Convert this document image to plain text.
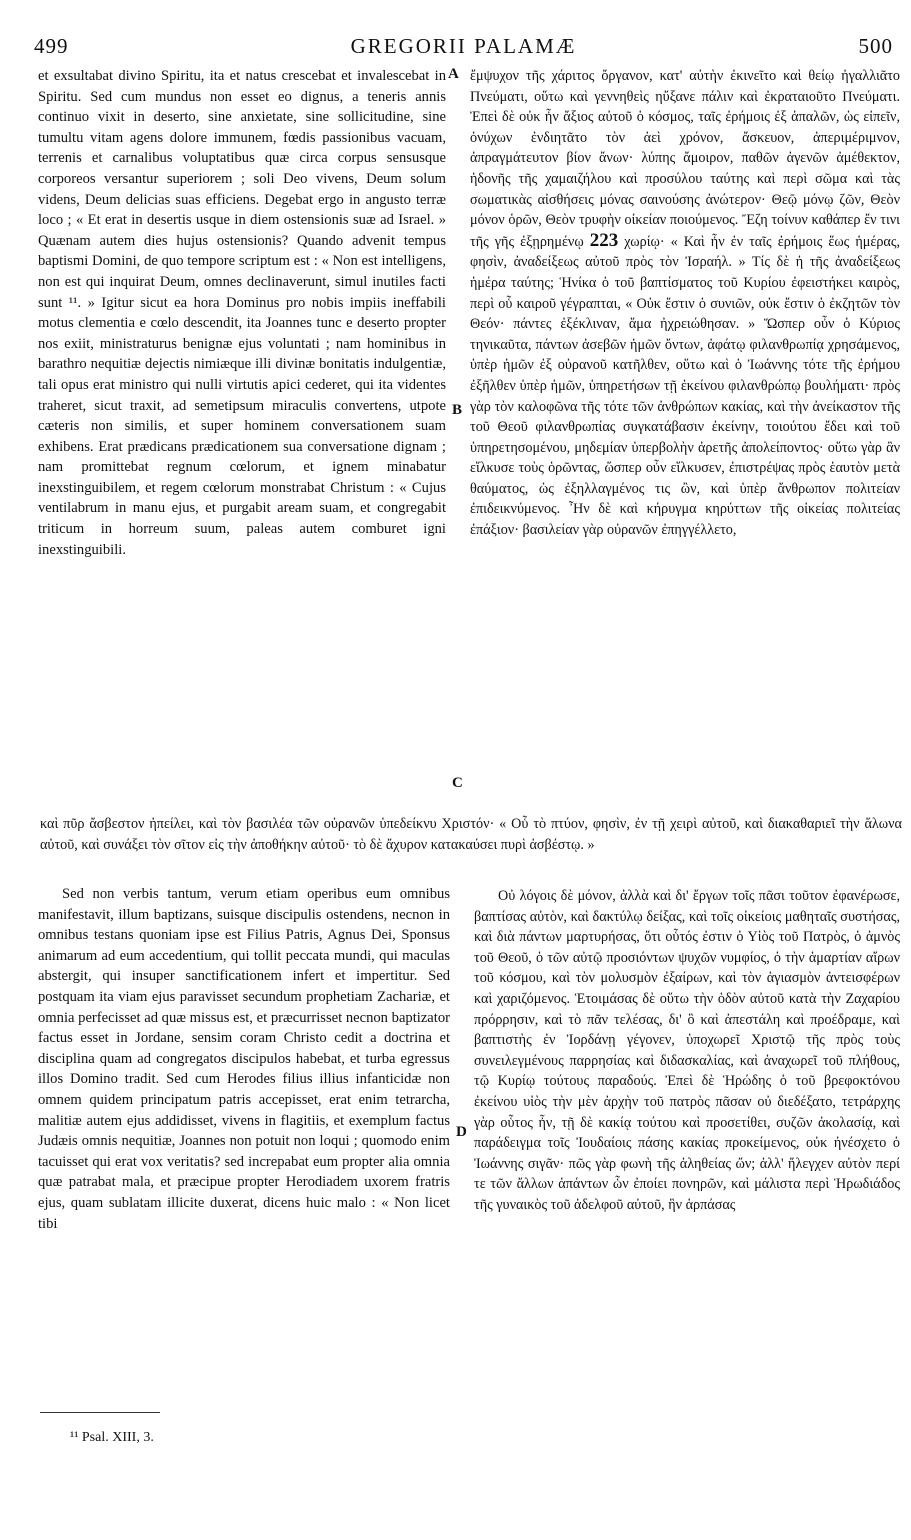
499	GREGORII PALAMÆ	500
A
B
C
D

et exsultabat divino Spiritu, ita et natus crescebat et invalescebat in Spiritu. Sed cum mundus non esset eo dignus, a teneris annis continuo vixit in deserto, sine anxietate, sine sollicitudine, sine tumultu vitam agens dolore immunem, fœdis passionibus vacuam, terrenis et carnalibus voluptatibus quæ circa corpus sensusque corporeos versantur superiorem ; soli Deo vivens, Deum solum videns, Deum delicias suas efficiens. Degebat ergo in angusto terræ loco ; « Et erat in desertis usque in diem ostensionis suæ ad Israel. » Quænam autem dies hujus ostensionis? Quando advenit tempus baptismi Domini, de quo tempore scriptum est : « Non est intelligens, non est qui inquirat Deum, omnes declinaverunt, simul inutiles facti sunt ¹¹. » Igitur sicut ea hora Dominus pro nobis impiis ineffabili motus clementia e cœlo descendit, ita Joannes tunc e deserto propter nos exiit, ministraturus benignæ ejus voluntati ; nam hominibus in barathro nequitiæ dejectis nimiæque illi divinæ bonitatis indulgentiæ, tali opus erat ministro qui nulli virtutis apici cederet, qui ita videntes traheret, sicut traxit, ad semetipsum miraculis convertens, utpote cæteris non similis, et super hominem conversationem suam exhibens. Erat prædicans prædicationem sua conversatione dignam ; nam promittebat regnum cœlorum, et ignem minabatur inexstinguibilem, et regem cœlorum monstrabat Christum : « Cujus ventilabrum in manu ejus, et purgabit aream suam, et congregabit triticum in horreum suum, paleas autem comburet igni inexstinguibili.

ἔμψυχον τῆς χάριτος ὄργανον, κατ' αὐτὴν ἐκινεῖτο καὶ θείῳ ἠγαλλιᾶτο Πνεύματι, οὕτω καὶ γεννηθεὶς ηὔξανε πάλιν καὶ ἐκραταιοῦτο Πνεύματι. Ἐπεὶ δὲ οὐκ ἦν ἄξιος αὐτοῦ ὁ κόσμος, ταῖς ἐρήμοις ἐξ ἁπαλῶν, ὡς εἰπεῖν, ὀνύχων ἐνδιητᾶτο τὸν ἀεὶ χρόνον, ἄσκευον, ἀπεριμέριμνον, ἀπραγμάτευτον βίον ἄνων· λύπης ἄμοιρον, παθῶν ἀγενῶν ἀμέθεκτον, ἡδονῆς τῆς χαμαιζήλου καὶ προσύλου ταύτης καὶ περὶ σῶμα καὶ τὰς σωματικὰς αἰσθήσεις μόνας σαινούσης ἀνώτερον· Θεῷ μόνῳ ζῶν, Θεὸν μόνον ὁρῶν, Θεὸν τρυφὴν οἰκείαν ποιούμενος. Ἔζη τοίνυν καθάπερ ἔν τινι τῆς γῆς ἐξῃρημένῳ 223 χωρίῳ· « Καὶ ἦν ἐν ταῖς ἐρήμοις ἕως ἡμέρας, φησὶν, ἀναδείξεως αὐτοῦ πρὸς τὸν Ἰσραήλ. » Τίς δὲ ἡ τῆς ἀναδείξεως ἡμέρα ταύτης; Ἡνίκα ὁ τοῦ βαπτίσματος τοῦ Κυρίου ἐφειστήκει καιρὸς, περὶ οὗ καιροῦ γέγραπται, « Οὐκ ἔστιν ὁ συνιῶν, οὐκ ἔστιν ὁ ἐκζητῶν τὸν Θεόν· πάντες ἐξέκλιναν, ἅμα ἠχρειώθησαν. » Ὥσπερ οὖν ὁ Κύριος τηνικαῦτα, πάντων ἀσεβῶν ἡμῶν ὄντων, ἀφάτῳ φιλανθρωπίᾳ χρησάμενος, ὑπὲρ ἡμῶν ἐξ οὐρανοῦ κατῆλθεν, οὕτω καὶ ὁ Ἰωάννης τότε τῆς ἐρήμου ἐξῆλθεν ὑπὲρ ἡμῶν, ὑπηρετήσων τῇ ἐκείνου φιλανθρώπῳ βουλήματι· πρὸς γὰρ τὸν καλοφῶνα τῆς τότε τῶν ἀνθρώπων κακίας, καὶ τὴν ἀνείκαστον τῆς τοῦ Θεοῦ φιλανθρωπίας συγκατάβασιν ἐκείνην, τοιούτου ἔδει καὶ τοῦ ὑπηρετησομένου, μηδεμίαν ὑπερβολὴν ἀρετῆς ἀπολείποντος· οὕτω γὰρ ἂν εἵλκυσε τοὺς ὁρῶντας, ὥσπερ οὖν εἵλκυσεν, ἐπιστρέψας πρὸς ἑαυτὸν μετὰ θαύματος, ὡς ἐξηλλαγμένος τις ὢν, καὶ ὑπὲρ ἄνθρωπον πολιτείαν ἐπιδεικνύμενος. Ἦν δὲ καὶ κήρυγμα κηρύττων τῆς οἰκείας πολιτείας ἐπάξιον· βασιλείαν γὰρ οὐρανῶν ἐπηγγέλλετο,

καὶ πῦρ ἄσβεστον ἠπείλει, καὶ τὸν βασιλέα τῶν οὐρανῶν ὑπεδείκνυ Χριστόν· « Οὗ τὸ πτύον, φησὶν, ἐν τῇ χειρὶ αὐτοῦ, καὶ διακαθαριεῖ τὴν ἅλωνα αὐτοῦ, καὶ συνάξει τὸν σῖτον εἰς τὴν ἀποθήκην αὐτοῦ· τὸ δὲ ἄχυρον κατακαύσει πυρὶ ἀσβέστῳ. »

Sed non verbis tantum, verum etiam operibus eum omnibus manifestavit, illum baptizans, suisque discipulis ostendens, necnon in omnibus testans quoniam ipse est Filius Patris, Agnus Dei, Sponsus animarum ad eum accedentium, qui tollit peccata mundi, qui maculas abstergit, qui insuper sanctificationem infert et impertitur. Sed postquam ita viam ejus paravisset secundum prophetiam Zachariæ, et omnia perfecisset ad quæ missus est, et præcurrisset necnon baptizator factus esset in Jordane, sensim coram Christo cedit a doctrina et disciplina quam ad congregatos discipulos habebat, et turba egressus illos Domino tradit. Sed cum Herodes filius illius infanticidæ non omnem quidem principatum patris accepisset, erat enim tetrarcha, malitiæ autem ejus addidisset, vivens in flagitiis, et exemplum factus Judæis omnis nequitiæ, Joannes non potuit non loqui ; quomodo enim tacuisset qui erat vox veritatis? sed increpabat eum propter alia omnia quæ patrabat mala, et præcipue propter Herodiadem uxorem fratris ejus, quam sublatam illicite duxerat, dicens huic malo : « Non licet tibi

Οὐ λόγοις δὲ μόνον, ἀλλὰ καὶ δι' ἔργων τοῖς πᾶσι τοῦτον ἐφανέρωσε, βαπτίσας αὐτὸν, καὶ δακτύλῳ δείξας, καὶ τοῖς οἰκείοις μαθηταῖς συστήσας, καὶ διὰ πάντων μαρτυρήσας, ὅτι οὗτός ἐστιν ὁ Υἱὸς τοῦ Πατρὸς, ὁ ἀμνὸς τοῦ Θεοῦ, ὁ τῶν αὐτῷ προσιόντων ψυχῶν νυμφίος, ὁ τὴν ἁμαρτίαν αἴρων τοῦ κόσμου, καὶ τὸν μολυσμὸν ἐξαίρων, καὶ τὸν ἁγιασμὸν ἀντεισφέρων καὶ χαριζόμενος. Ἑτοιμάσας δὲ οὕτω τὴν ὁδὸν αὐτοῦ κατὰ τὴν Ζαχαρίου πρόρρησιν, καὶ τὸ πᾶν τελέσας, δι' ὃ καὶ ἀπεστάλη καὶ προέδραμε, καὶ βαπτιστὴς ἐν Ἰορδάνῃ γέγονεν, ὑποχωρεῖ Χριστῷ τῆς πρὸς τοὺς συνειλεγμένους παρρησίας καὶ διδασκαλίας, καὶ ἀναχωρεῖ τοῦ πλήθους, τῷ Κυρίῳ τούτους παραδούς. Ἐπεὶ δὲ Ἡρώδης ὁ τοῦ βρεφοκτόνου ἐκείνου υἱὸς τὴν μὲν ἀρχὴν τοῦ πατρὸς πᾶσαν οὐ διεδέξατο, τετράρχης γὰρ οὗτος ἦν, τῇ δὲ κακίᾳ τούτου καὶ προσετίθει, συζῶν ἀκολασίᾳ, καὶ παράδειγμα τοῖς Ἰουδαίοις πάσης κακίας προκείμενος, οὐκ ἠνέσχετο ὁ Ἰωάννης σιγᾶν· πῶς γὰρ φωνὴ τῆς ἀληθείας ὤν; ἀλλ' ἤλεγχεν αὐτὸν περί τε τῶν ἄλλων ἁπάντων ὧν ἐποίει πονηρῶν, καὶ μάλιστα περὶ Ἡρωδιάδος τῆς γυναικὸς τοῦ ἀδελφοῦ αὐτοῦ, ἣν ἁρπάσας

¹¹ Psal. XIII, 3.
